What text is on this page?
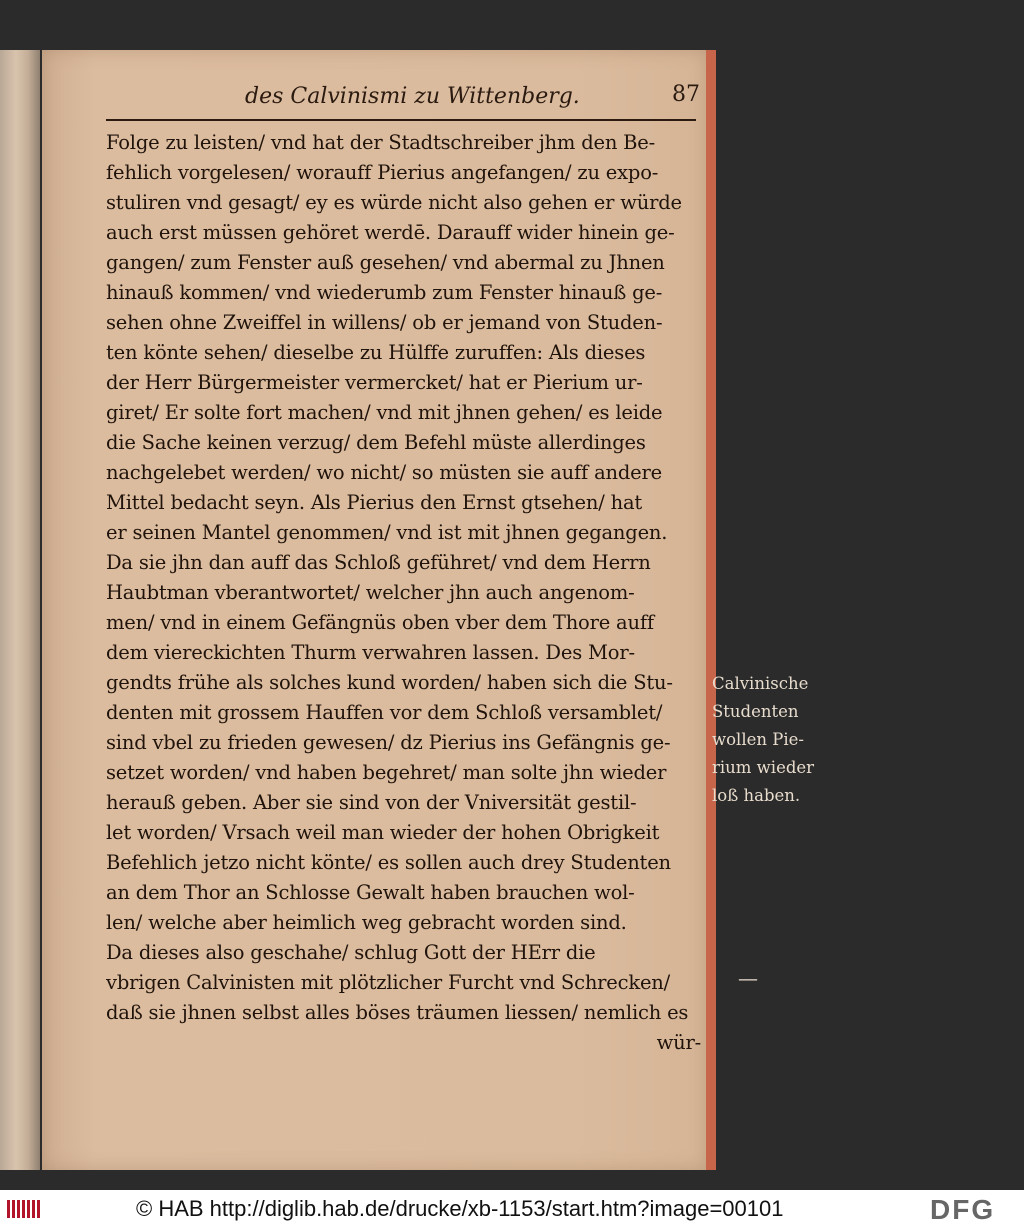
des Calvinismi zu Wittenberg.	87
Folge zu leisten/ vnd hat der Stadtschreiber jhm den Be-
fehlich vorgelesen/ worauff Pierius angefangen/ zu expo-
stuliren vnd gesagt/ ey es würde nicht also gehen er würde
auch erst müssen gehöret werdē. Darauff wider hinein ge-
gangen/ zum Fenster auß gesehen/ vnd abermal zu Jhnen
hinauß kommen/ vnd wiederumb zum Fenster hinauß ge-
sehen ohne Zweiffel in willens/ ob er jemand von Studen-
ten könte sehen/ dieselbe zu Hülffe zuruffen: Als dieses
der Herr Bürgermeister vermercket/ hat er Pierium ur-
giret/ Er solte fort machen/ vnd mit jhnen gehen/ es leide
die Sache keinen verzug/ dem Befehl müste allerdinges
nachgelebet werden/ wo nicht/ so müsten sie auff andere
Mittel bedacht seyn. Als Pierius den Ernst gtsehen/ hat
er seinen Mantel genommen/ vnd ist mit jhnen gegangen.
Da sie jhn dan auff das Schloß geführet/ vnd dem Herrn
Haubtman vberantwortet/ welcher jhn auch angenom-
men/ vnd in einem Gefängnüs oben vber dem Thore auff
dem viereckichten Thurm verwahren lassen. Des Mor-
gendts frühe als solches kund worden/ haben sich die Stu-
denten mit grossem Hauffen vor dem Schloß versamblet/
sind vbel zu frieden gewesen/ dz Pierius ins Gefängnis ge-
setzet worden/ vnd haben begehret/ man solte jhn wieder
herauß geben. Aber sie sind von der Vniversität gestil-
let worden/ Vrsach weil man wieder der hohen Obrigkeit
Befehlich jetzo nicht könte/ es sollen auch drey Studenten
an dem Thor an Schlosse Gewalt haben brauchen wol-
len/ welche aber heimlich weg gebracht worden sind.
Da dieses also geschahe/ schlug Gott der HErr die
vbrigen Calvinisten mit plötzlicher Furcht vnd Schrecken/
daß sie jhnen selbst alles böses träumen liessen/ nemlich es
wür-
Calvinische
Studenten
wollen Pie-
rium wieder
loß haben.
—
© HAB http://diglib.hab.de/drucke/xb-1153/start.htm?image=00101	DFG
